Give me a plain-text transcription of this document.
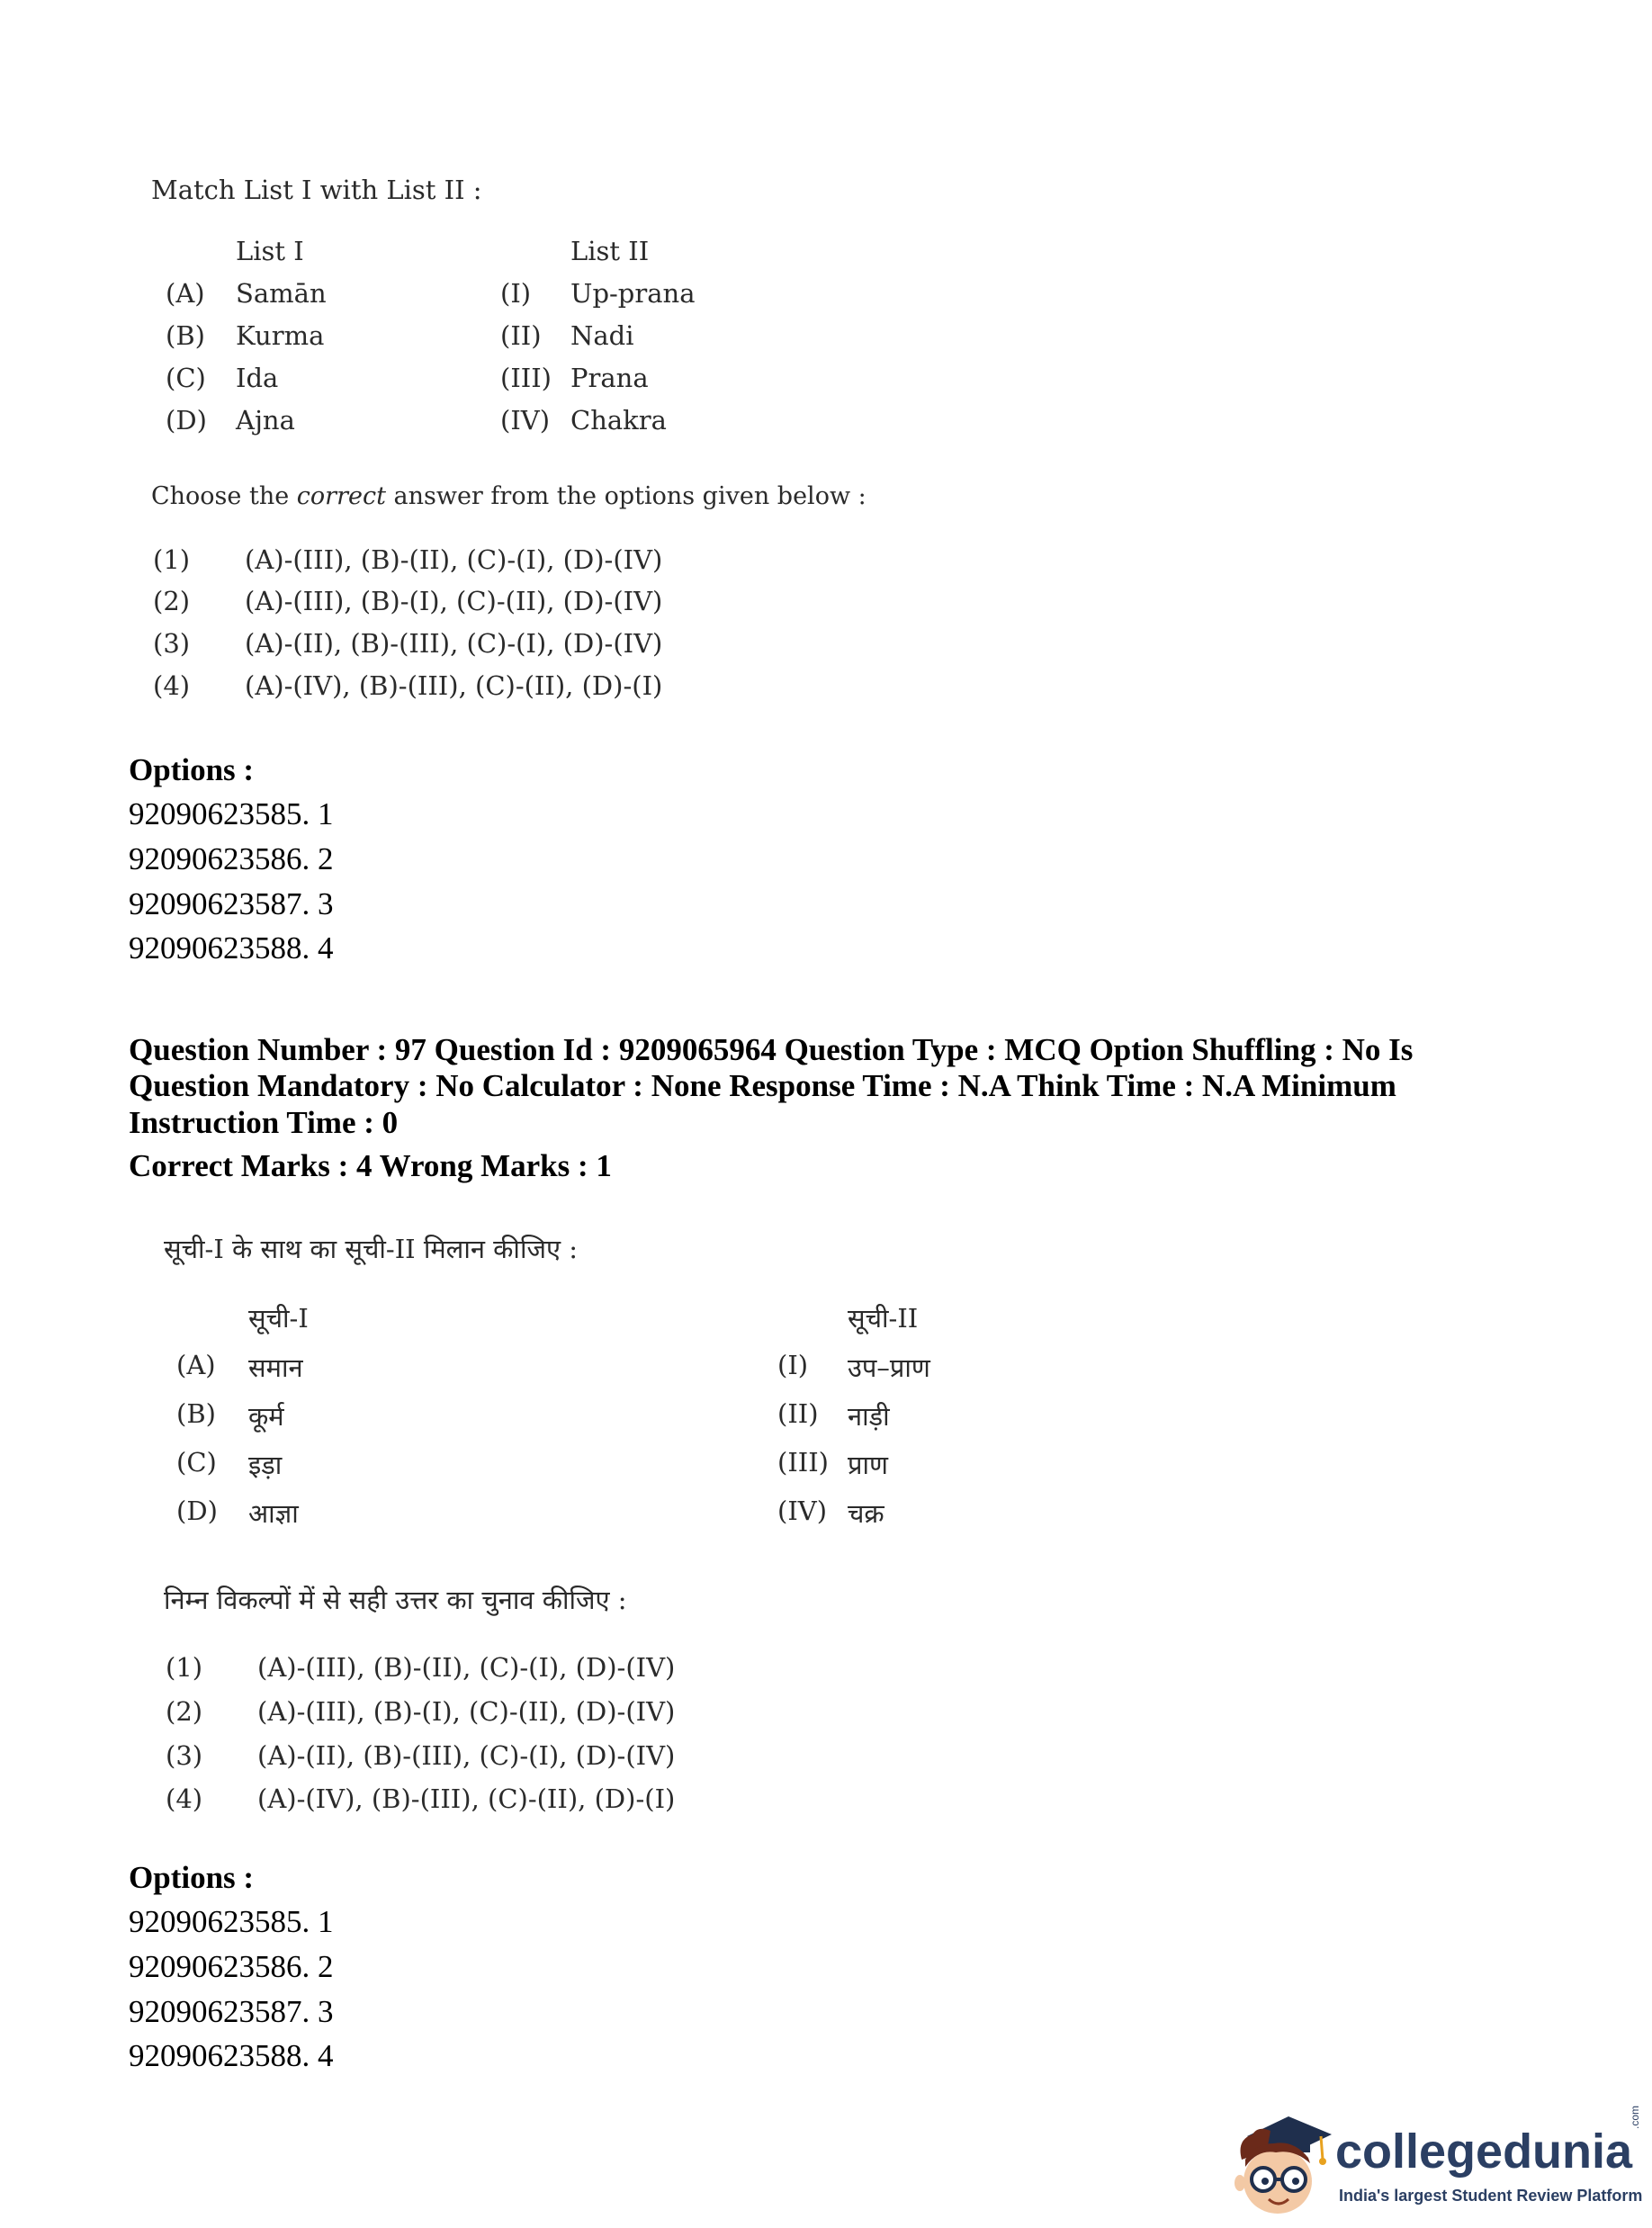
Match List I with List II :
List I	List II
(A) Samān	(I) Up-prana
(B) Kurma	(II) Nadi
(C) Ida	(III) Prana
(D) Ajna	(IV) Chakra
Choose the correct answer from the options given below :
(1) (A)-(III), (B)-(II), (C)-(I), (D)-(IV)
(2) (A)-(III), (B)-(I), (C)-(II), (D)-(IV)
(3) (A)-(II), (B)-(III), (C)-(I), (D)-(IV)
(4) (A)-(IV), (B)-(III), (C)-(II), (D)-(I)
Options :
92090623585. 1
92090623586. 2
92090623587. 3
92090623588. 4
Question Number : 97 Question Id : 9209065964 Question Type : MCQ Option Shuffling : No Is
Question Mandatory : No Calculator : None Response Time : N.A Think Time : N.A Minimum
Instruction Time : 0
Correct Marks : 4 Wrong Marks : 1
सूची-I के साथ का सूची-II मिलान कीजिए :
सूची-I	सूची-II
(A) समान	(I) उप–प्राण
(B) कूर्म	(II) नाड़ी
(C) इड़ा	(III) प्राण
(D) आज्ञा	(IV) चक्र
निम्न विकल्पों में से सही उत्तर का चुनाव कीजिए :
(1) (A)-(III), (B)-(II), (C)-(I), (D)-(IV)
(2) (A)-(III), (B)-(I), (C)-(II), (D)-(IV)
(3) (A)-(II), (B)-(III), (C)-(I), (D)-(IV)
(4) (A)-(IV), (B)-(III), (C)-(II), (D)-(I)
Options :
92090623585. 1
92090623586. 2
92090623587. 3
92090623588. 4
collegedunia
.com
India's largest Student Review Platform
